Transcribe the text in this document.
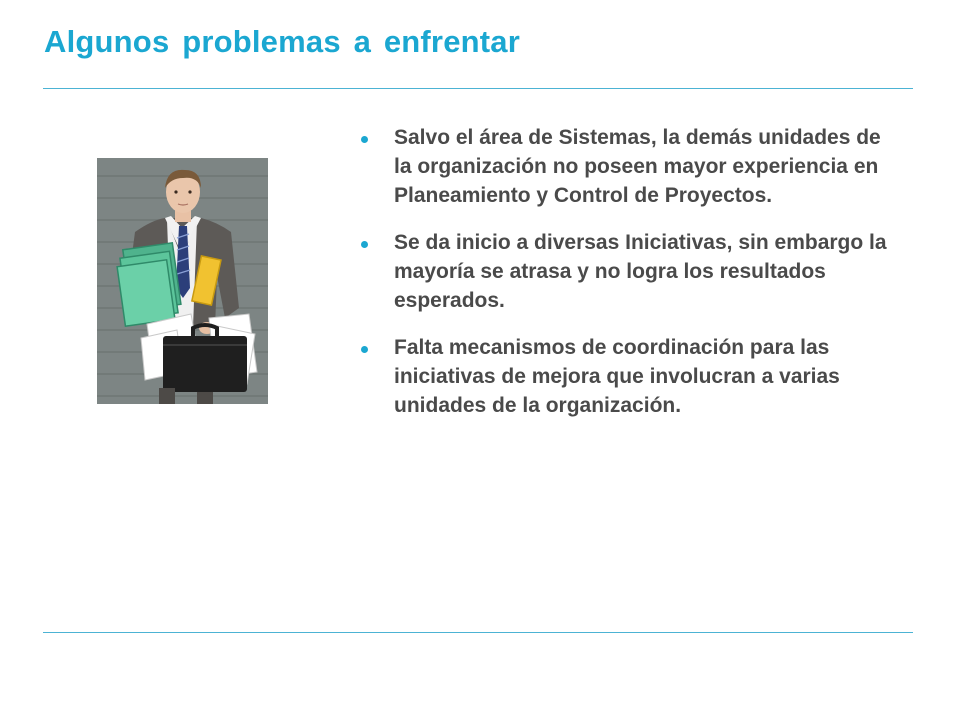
Algunos problemas a enfrentar
Salvo el área de Sistemas, la demás unidades de la organización no poseen mayor experiencia en Planeamiento y Control de Proyectos.
Se da inicio a diversas Iniciativas, sin embargo la mayoría se atrasa y no logra los resultados esperados.
Falta mecanismos de coordinación para las iniciativas de mejora que involucran a varias unidades de la organización.
